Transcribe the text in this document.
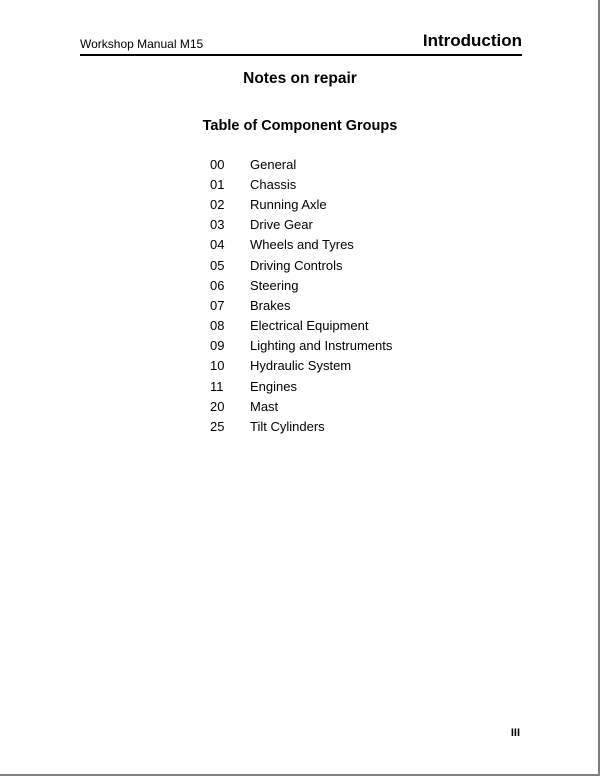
Workshop Manual M15	Introduction
Notes on repair
Table of Component Groups
00	General
01	Chassis
02	Running Axle
03	Drive Gear
04	Wheels and Tyres
05	Driving Controls
06	Steering
07	Brakes
08	Electrical Equipment
09	Lighting and Instruments
10	Hydraulic System
11	Engines
20	Mast
25	Tilt Cylinders
III
